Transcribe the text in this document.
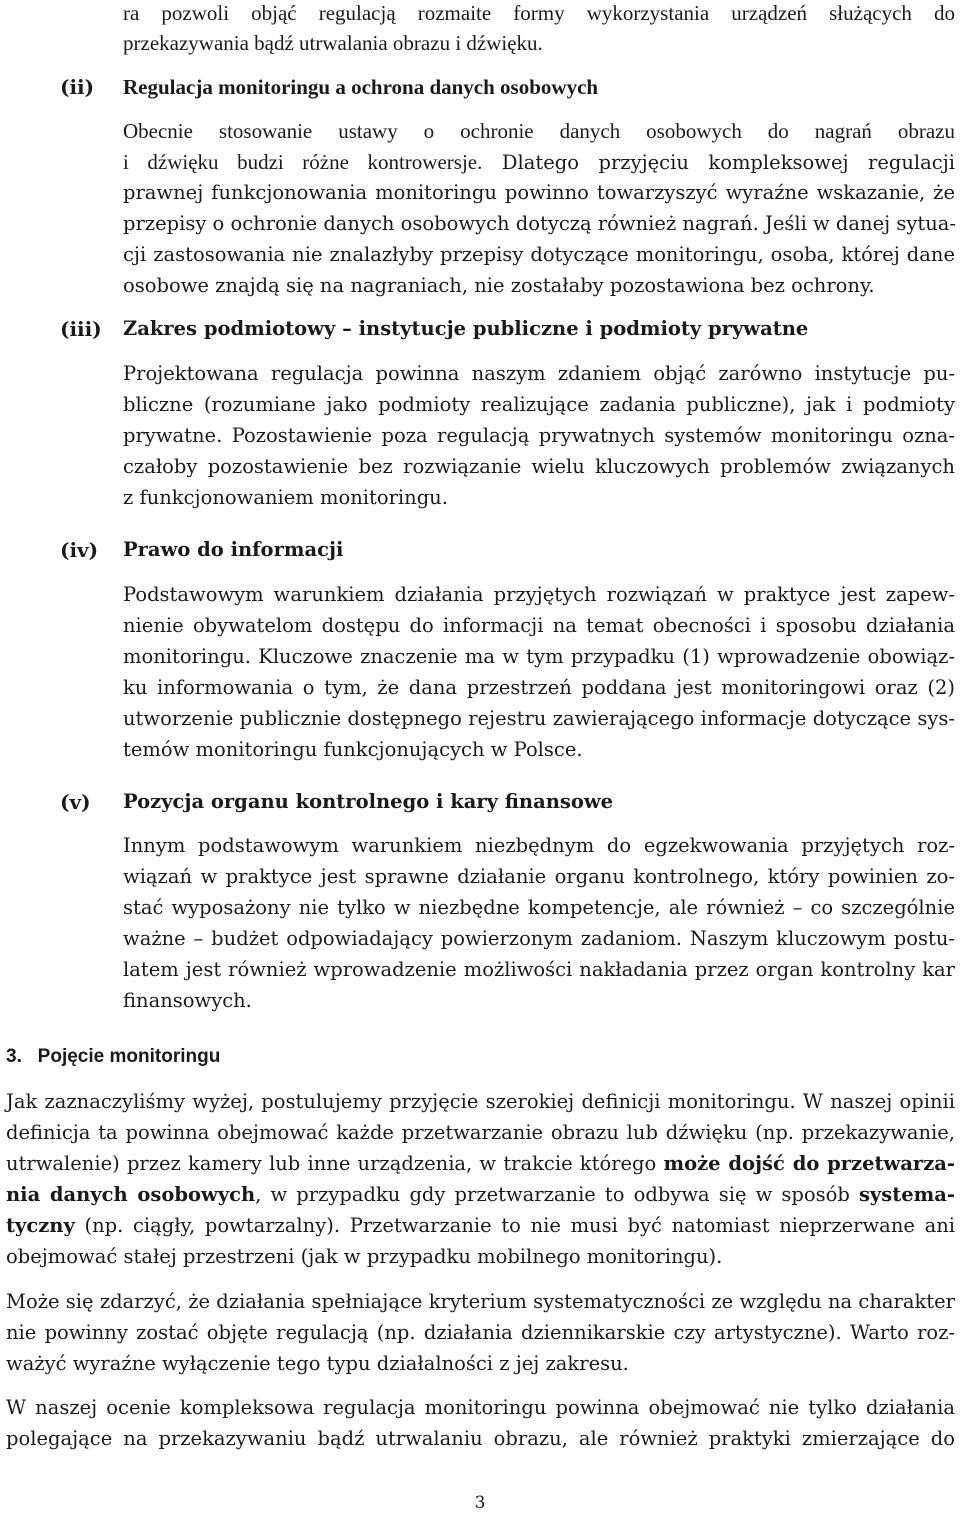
ra pozwoli objąć regulacją rozmaite formy wykorzystania urządzeń służących do
przekazywania bądź utrwalania obrazu i dźwięku.
(ii)	Regulacja monitoringu a ochrona danych osobowych
Obecnie stosowanie ustawy o ochronie danych osobowych do nagrań obrazu
i dźwięku budzi różne kontrowersje. Dlatego przyjęciu kompleksowej regulacji
prawnej funkcjonowania monitoringu powinno towarzyszyć wyraźne wskazanie, że
przepisy o ochronie danych osobowych dotyczą również nagrań. Jeśli w danej sytua-
cji zastosowania nie znalazłyby przepisy dotyczące monitoringu, osoba, której dane
osobowe znajdą się na nagraniach, nie zostałaby pozostawiona bez ochrony.
(iii)	Zakres podmiotowy – instytucje publiczne i podmioty prywatne
Projektowana regulacja powinna naszym zdaniem objąć zarówno instytucje pu-
bliczne (rozumiane jako podmioty realizujące zadania publiczne), jak i podmioty
prywatne. Pozostawienie poza regulacją prywatnych systemów monitoringu ozna-
czałoby pozostawienie bez rozwiązanie wielu kluczowych problemów związanych
z funkcjonowaniem monitoringu.
(iv)	Prawo do informacji
Podstawowym warunkiem działania przyjętych rozwiązań w praktyce jest zapew-
nienie obywatelom dostępu do informacji na temat obecności i sposobu działania
monitoringu. Kluczowe znaczenie ma w tym przypadku (1) wprowadzenie obowiąz-
ku informowania o tym, że dana przestrzeń poddana jest monitoringowi oraz (2)
utworzenie publicznie dostępnego rejestru zawierającego informacje dotyczące sys-
temów monitoringu funkcjonujących w Polsce.
(v)	Pozycja organu kontrolnego i kary finansowe
Innym podstawowym warunkiem niezbędnym do egzekwowania przyjętych roz-
wiązań w praktyce jest sprawne działanie organu kontrolnego, który powinien zo-
stać wyposażony nie tylko w niezbędne kompetencje, ale również – co szczególnie
ważne – budżet odpowiadający powierzonym zadaniom. Naszym kluczowym postu-
latem jest również wprowadzenie możliwości nakładania przez organ kontrolny kar
finansowych.
3.   Pojęcie monitoringu
Jak zaznaczyliśmy wyżej, postulujemy przyjęcie szerokiej definicji monitoringu. W naszej opinii
definicja ta powinna obejmować każde przetwarzanie obrazu lub dźwięku (np. przekazywanie,
utrwalenie) przez kamery lub inne urządzenia, w trakcie którego może dojść do przetwarza-
nia danych osobowych, w przypadku gdy przetwarzanie to odbywa się w sposób systema-
tyczny (np. ciągły, powtarzalny). Przetwarzanie to nie musi być natomiast nieprzerwane ani
obejmować stałej przestrzeni (jak w przypadku mobilnego monitoringu).
Może się zdarzyć, że działania spełniające kryterium systematyczności ze względu na charakter
nie powinny zostać objęte regulacją (np. działania dziennikarskie czy artystyczne). Warto roz-
ważyć wyraźne wyłączenie tego typu działalności z jej zakresu.
W naszej ocenie kompleksowa regulacja monitoringu powinna obejmować nie tylko działania
polegające na przekazywaniu bądź utrwalaniu obrazu, ale również praktyki zmierzające do
3
